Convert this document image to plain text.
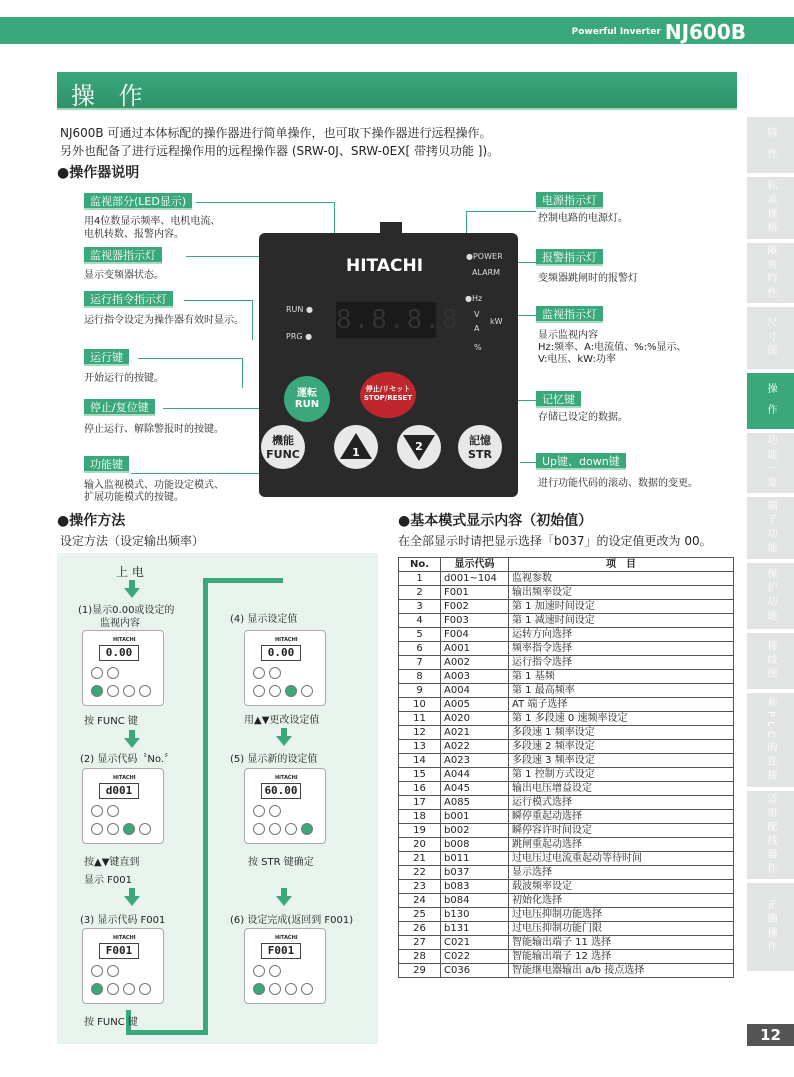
Powerful Inverter NJ600B
操 作
NJ600B 可通过本体标配的操作器进行简单操作，也可取下操作器进行远程操作。
另外也配备了进行远程操作用的远程操作器 (SRW-0J、SRW-0EX[ 带拷贝功能 ])。
●操作器说明
特 性
标准规格
障害特性
尺寸图
操 作
功能一览
端子功能
保护功能
接线图
和PLC的连接
适用配线器件
正确操作
12
监视部分(LED显示)
用4位数显示频率、电机电流、
电机转数、报警内容。
监视器指示灯
显示变频器状态。
运行指令指示灯
运行指令设定为操作器有效时显示。
运行键
开始运行的按键。
停止/复位键
停止运行、解除警报时的按键。
功能键
输入监视模式、功能设定模式、
扩展功能模式的按键。
电源指示灯
控制电路的电源灯。
报警指示灯
变频器跳闸时的报警灯
监视指示灯
显示监视内容
Hz:频率、A:电流值、%:%显示、
V:电压、kW:功率
记忆键
存储已设定的数据。
Up键、down键
进行功能代码的滚动、数据的变更。
HITACHI	●POWER
ALARM
●Hz
V
A
kW
%
RUN ●
PRG ●
8.8.8.8
運転
RUN
停止/リセット
STOP/RESET
機能
FUNC	1	2	記憶
STR
●操作方法
设定方法（设定输出频率）
●基本模式显示内容（初始值）
在全部显示时请把显示选择「b037」的设定值更改为 00。
上 电
(1)显示0.00或设定的
监视内容
按 FUNC 键
(2) 显示代码〝No.〞
按▲▼键直到
显示 F001
(3) 显示代码 F001
按 FUNC 键
(4) 显示设定值
用▲▼更改设定值
(5) 显示新的设定值
按 STR 键确定
(6) 设定完成(返回到 F001)
HITACHI
0.00
HITACHI
d001
HITACHI
F001
HITACHI
0.00
HITACHI
60.00
HITACHI
F001
No.	显示代码	项　目
1	d001~104	监视参数
2	F001	输出频率设定
3	F002	第 1 加速时间设定
4	F003	第 1 减速时间设定
5	F004	运转方向选择
6	A001	频率指令选择
7	A002	运行指令选择
8	A003	第 1 基频
9	A004	第 1 最高频率
10	A005	AT 端子选择
11	A020	第 1 多段速 0 速频率设定
12	A021	多段速 1 频率设定
13	A022	多段速 2 频率设定
14	A023	多段速 3 频率设定
15	A044	第 1 控制方式设定
16	A045	输出电压增益设定
17	A085	运行模式选择
18	b001	瞬停重起动选择
19	b002	瞬停容许时间设定
20	b008	跳闸重起动选择
21	b011	过电压过电流重起动等待时间
22	b037	显示选择
23	b083	载波频率设定
24	b084	初始化选择
25	b130	过电压抑制功能选择
26	b131	过电压抑制功能门限
27	C021	智能输出端子 11 选择
28	C022	智能输出端子 12 选择
29	C036	智能继电器输出 a/b 接点选择
